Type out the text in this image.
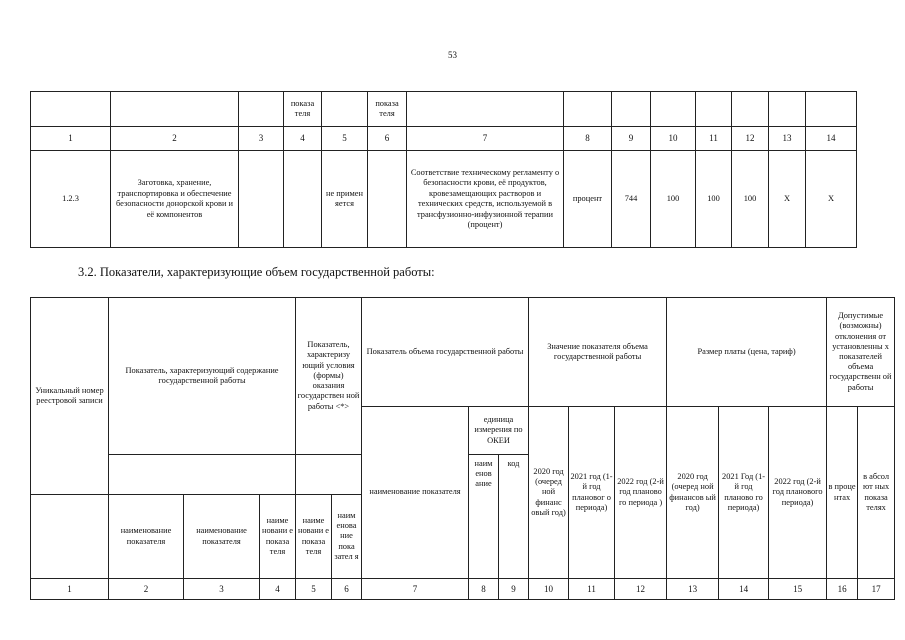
53
			показа теля		показа теля								
1	2	3	4	5	6	7	8	9	10	11	12	13	14
1.2.3	Заготовка, хранение, транспортировка и обеспечение безопасности донорской крови и её компонентов			не примен яется		Соответствие техническому регламенту о безопасности крови, её продуктов, кровезамещающих растворов и технических средств, используемой в трансфузионно-инфузионной терапии (процент)	процент	744	100	100	100	Х	Х
3.2. Показатели, характеризующие объем государственной работы:
Уникальный номер реестровой записи	Показатель, характеризующий содержание государственной работы			Показатель, характеризу ющий условия (формы) оказания государствен ной работы <*>		Показатель объема государственной работы			Значение показателя объема государственной работы			Размер платы (цена, тариф)			Допустимые (возможны) отклонения от установленны х показателей объема государственн ой работы	
						наименование показателя	единица измерения по ОКЕИ		2020 год (очеред ной финанс овый год)	2021 год (1-й год плановог о периода)	2022 год (2-й год планово го периода )	2020 год (очеред ной финансов ый год)	2021 Год (1-й год планово го периода)	2022 год (2-й год планового периода)	в проце нтах	в абсол ют ных показа телях
							наим енов ание	код								
	наименование показателя	наименование показателя	наиме новани е показа теля	наиме новани е показа теля	наим енова ние пока зател я											
1	2	3	4	5	6	7	8	9	10	11	12	13	14	15	16	17
